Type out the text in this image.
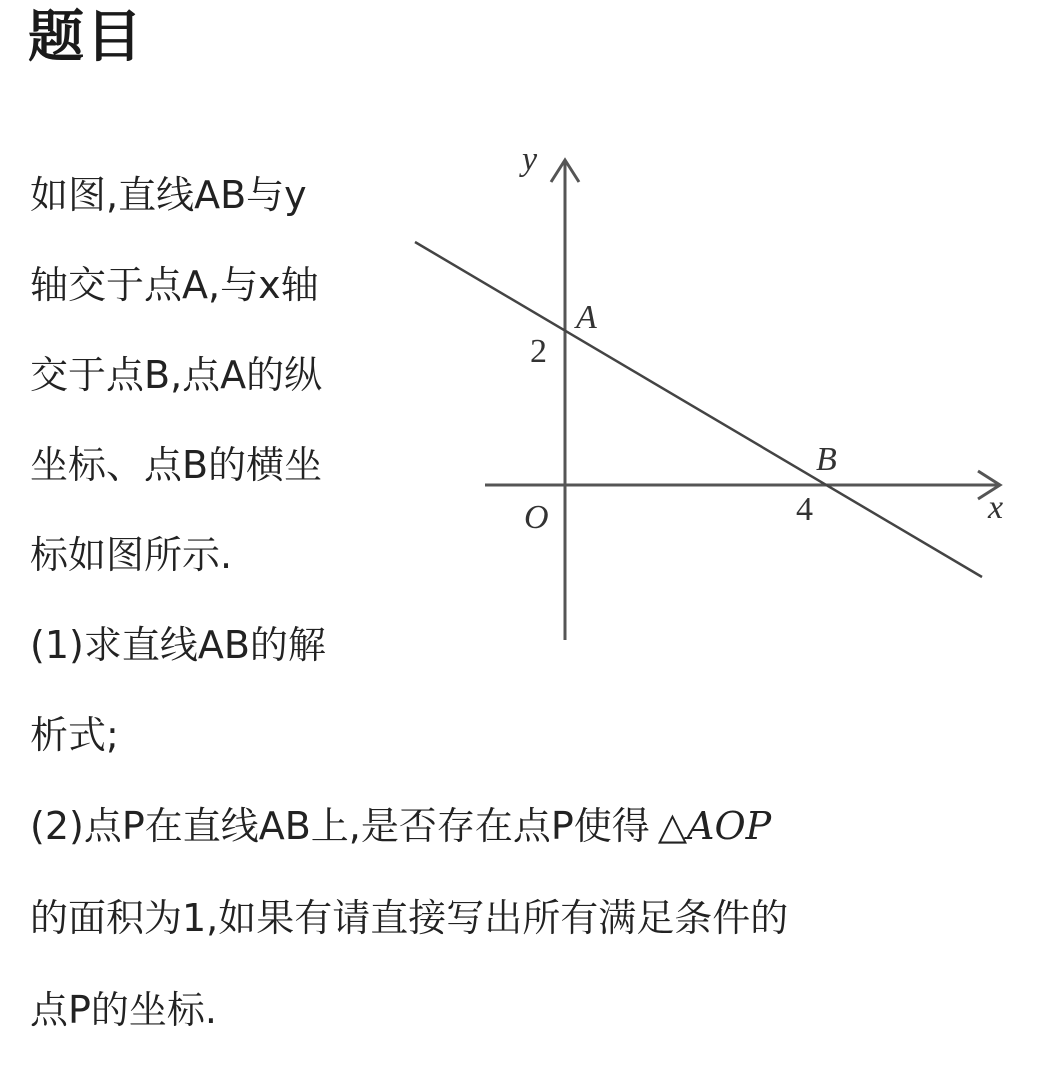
题目
如图,直线AB与y
轴交于点A,与x轴
交于点B,点A的纵
坐标、点B的横坐
标如图所示.
(1)求直线AB的解
析式;
(2)点P在直线AB上,是否存在点P使得 △AOP
的面积为1,如果有请直接写出所有满足条件的
点P的坐标.
y
x
O
A
B
2
4
